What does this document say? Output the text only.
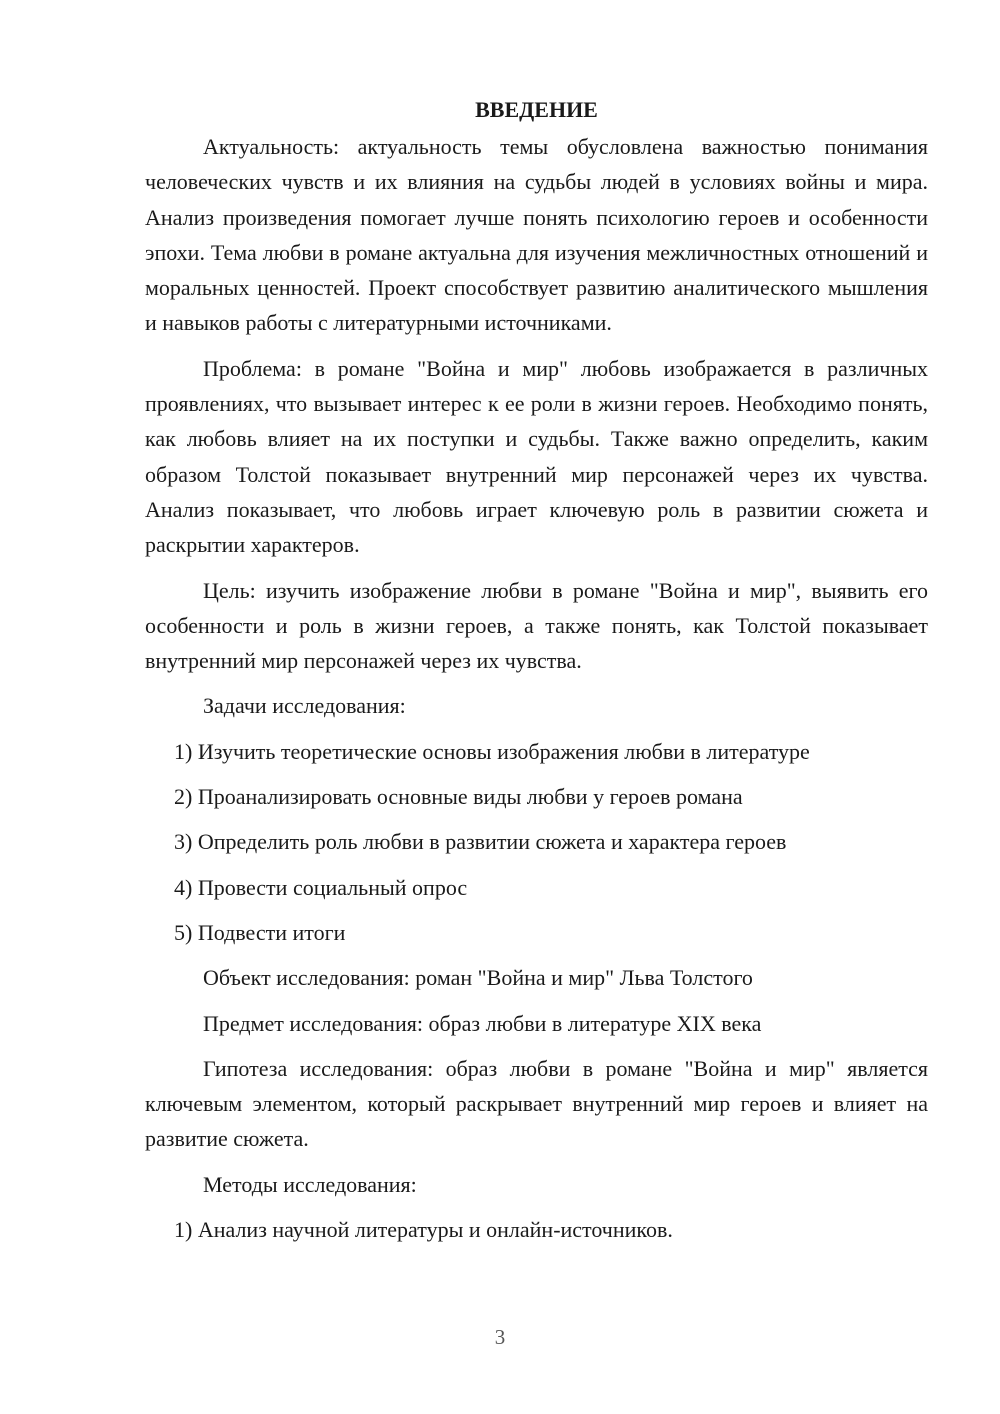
ВВЕДЕНИЕ

Актуальность: актуальность темы обусловлена важностью понимания человеческих чувств и их влияния на судьбы людей в условиях войны и мира. Анализ произведения помогает лучше понять психологию героев и особенности эпохи. Тема любви в романе актуальна для изучения межличностных отношений и моральных ценностей. Проект способствует развитию аналитического мышления и навыков работы с литературными источниками.

Проблема: в романе "Война и мир" любовь изображается в различных проявлениях, что вызывает интерес к ее роли в жизни героев. Необходимо понять, как любовь влияет на их поступки и судьбы. Также важно определить, каким образом Толстой показывает внутренний мир персонажей через их чувства. Анализ показывает, что любовь играет ключевую роль в развитии сюжета и раскрытии характеров.

Цель: изучить изображение любви в романе "Война и мир", выявить его особенности и роль в жизни героев, а также понять, как Толстой показывает внутренний мир персонажей через их чувства.

Задачи исследования:
1) Изучить теоретические основы изображения любви в литературе
2) Проанализировать основные виды любви у героев романа
3) Определить роль любви в развитии сюжета и характера героев
4) Провести социальный опрос
5) Подвести итоги
Объект исследования: роман "Война и мир" Льва Толстого
Предмет исследования: образ любви в литературе XIX века

Гипотеза исследования: образ любви в романе "Война и мир" является ключевым элементом, который раскрывает внутренний мир героев и влияет на развитие сюжета.

Методы исследования:
1) Анализ научной литературы и онлайн-источников.
3
